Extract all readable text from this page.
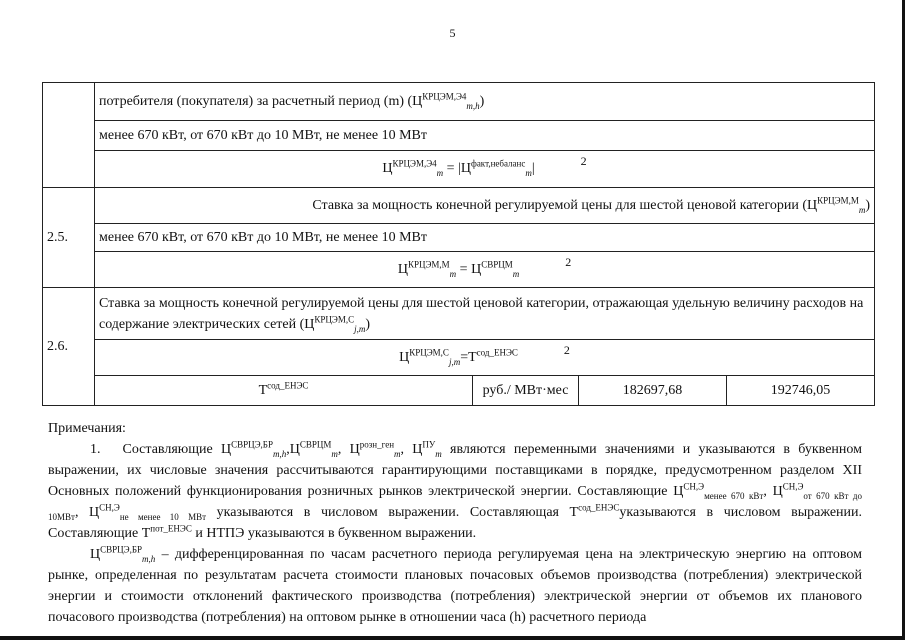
5
	потребителя (покупателя) за расчетный период (m) $(Ц^{КРЦЭМ,Э4}_{m,h})$			
	менее 670 кВт, от 670 кВт до 10 МВт, не менее 10 МВт			
	$Ц^{КРЦЭМ,Э4}_m = |Ц^{факт,небаланс}_m|$ 2			
2.5.	Ставка за мощность конечной регулируемой цены для шестой ценовой категории $(Ц^{КРЦЭМ,М}_m)$			
	менее 670 кВт, от 670 кВт до 10 МВт, не менее 10 МВт			
	$Ц^{КРЦЭМ,М}_m = Ц^{СВРЦМ}_m2$			
2.6.	Ставка за мощность конечной регулируемой цены для шестой ценовой категории, отражающая удельную величину расходов на содержание электрических сетей $(Ц^{КРЦЭМ,С}_{j,m})$			
	$Ц^{КРЦЭМ,С}_{j,m}=T^{сод\_ЕНЭС}$ 2			
	$T^{сод\_ЕНЭС}$	руб./ МВт·мес	182697,68	192746,05

Примечания:

1. Составляющие $Ц^{СВРЦЭ,БР}_{m,h},Ц^{СВРЦМ}_m$, $Ц^{розн\_ген}_m$, $Ц^{ПУ}_m$ являются переменными значениями и указываются в буквенном выражении, их числовые значения рассчитываются гарантирующими поставщиками в порядке, предусмотренном разделом XII Основных положений функционирования розничных рынков электрической энергии. Составляющие $Ц^{СН,Э}_{менее 670 кВт}$, $Ц^{СН,Э}_{от 670 кВт до 10МВт}$, $Ц^{СН,Э}_{не менее 10 МВт}$ указываются в числовом выражении. Составляющая $T^{сод\_ЕНЭС}указываются$ в числовом выражении. Составляющие $T^{пот\_ЕНЭС}$ и НТПЭ указываются в буквенном выражении.

$Ц^{СВРЦЭ,БР}_{m,h}$ – дифференцированная по часам расчетного периода регулируемая цена на электрическую энергию на оптовом рынке, определенная по результатам расчета стоимости плановых почасовых объемов производства (потребления) электрической энергии и стоимости отклонений фактического производства (потребления) электрической энергии от объемов их планового почасового производства (потребления) на оптовом рынке в отношении часа (h) расчетного периода
